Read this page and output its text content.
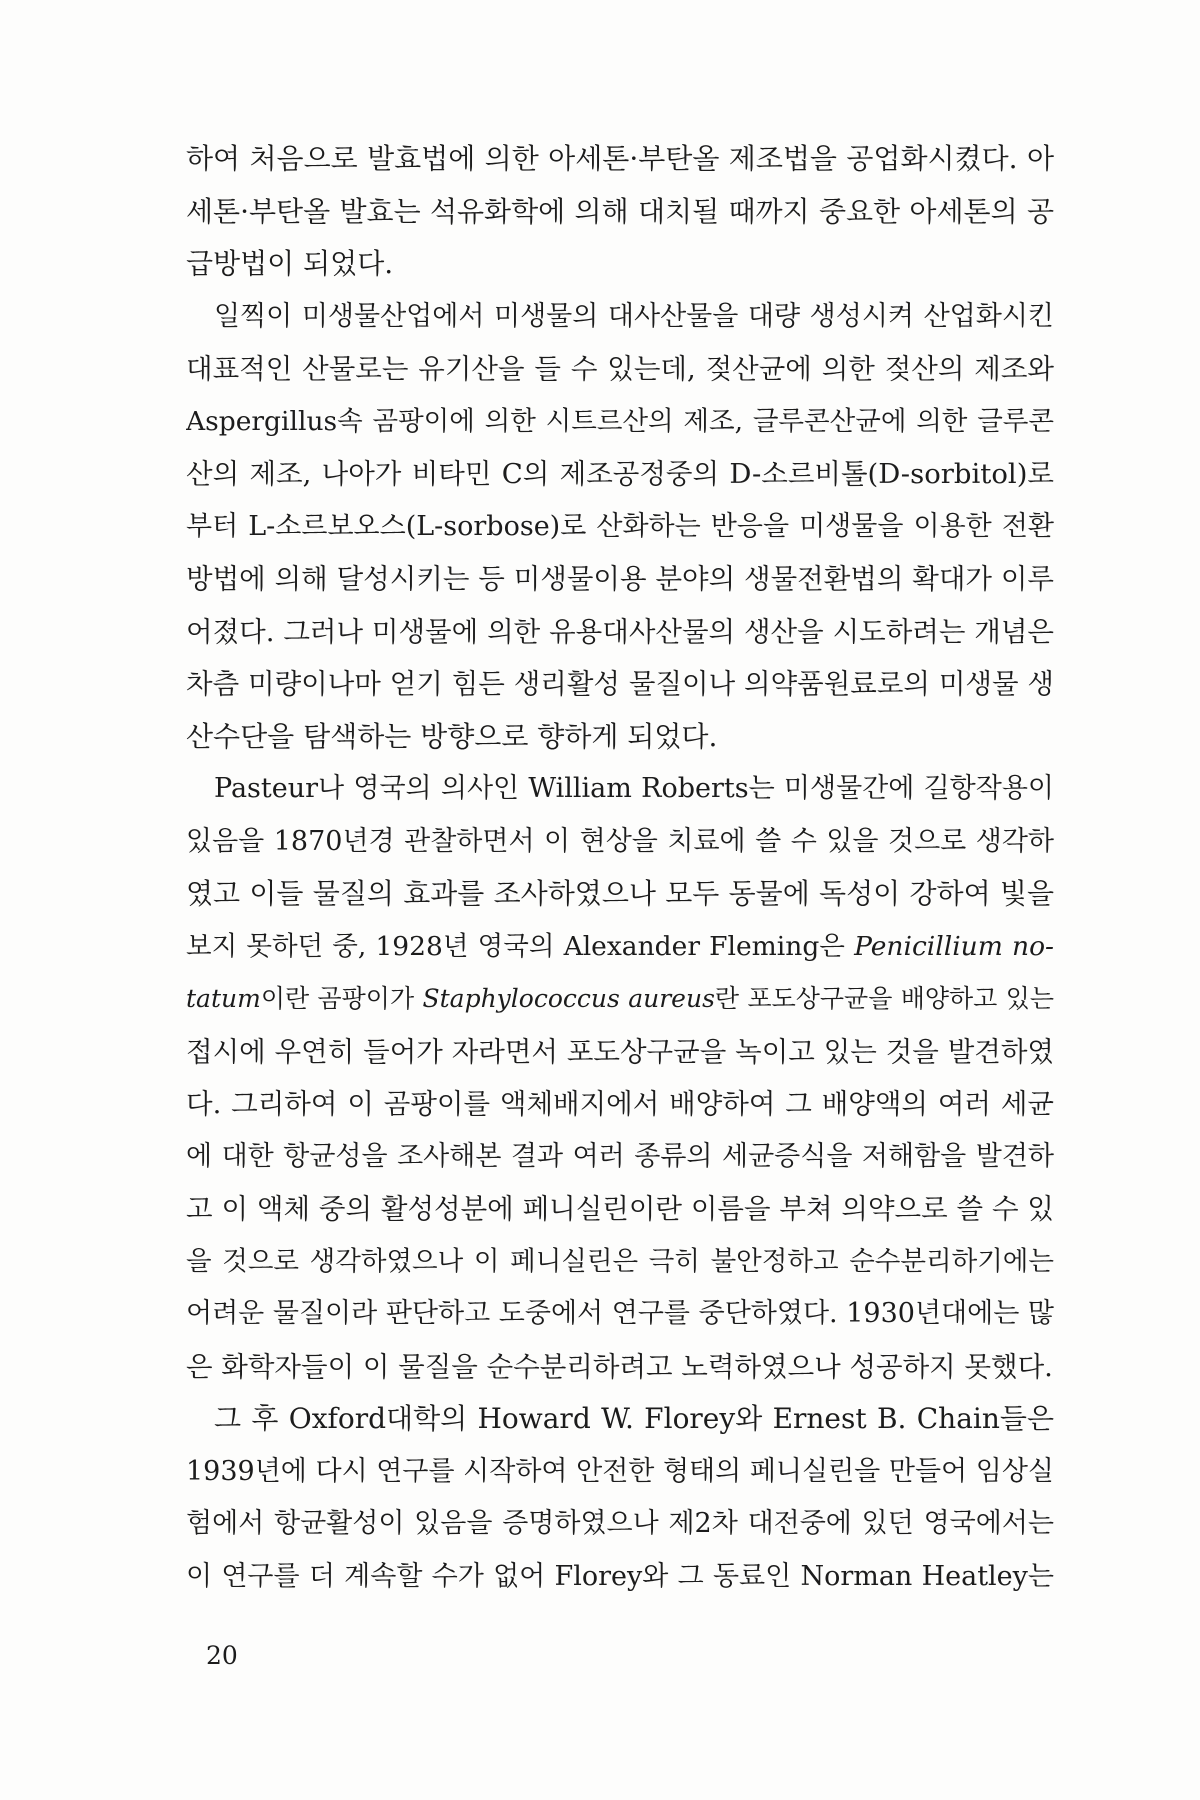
하여 처음으로 발효법에 의한 아세톤·부탄올 제조법을 공업화시켰다. 아
세톤·부탄올 발효는 석유화학에 의해 대치될 때까지 중요한 아세톤의 공
급방법이 되었다.
일찍이 미생물산업에서 미생물의 대사산물을 대량 생성시켜 산업화시킨
대표적인 산물로는 유기산을 들 수 있는데, 젖산균에 의한 젖산의 제조와
Aspergillus속 곰팡이에 의한 시트르산의 제조, 글루콘산균에 의한 글루콘
산의 제조, 나아가 비타민 C의 제조공정중의 D-소르비톨(D-sorbitol)로
부터 L-소르보오스(L-sorbose)로 산화하는 반응을 미생물을 이용한 전환
방법에 의해 달성시키는 등 미생물이용 분야의 생물전환법의 확대가 이루
어졌다. 그러나 미생물에 의한 유용대사산물의 생산을 시도하려는 개념은
차츰 미량이나마 얻기 힘든 생리활성 물질이나 의약품원료로의 미생물 생
산수단을 탐색하는 방향으로 향하게 되었다.
Pasteur나 영국의 의사인 William Roberts는 미생물간에 길항작용이
있음을 1870년경 관찰하면서 이 현상을 치료에 쓸 수 있을 것으로 생각하
였고 이들 물질의 효과를 조사하였으나 모두 동물에 독성이 강하여 빛을
보지 못하던 중, 1928년 영국의 Alexander Fleming은 Penicillium no-
tatum이란 곰팡이가 Staphylococcus aureus란 포도상구균을 배양하고 있는
접시에 우연히 들어가 자라면서 포도상구균을 녹이고 있는 것을 발견하였
다. 그리하여 이 곰팡이를 액체배지에서 배양하여 그 배양액의 여러 세균
에 대한 항균성을 조사해본 결과 여러 종류의 세균증식을 저해함을 발견하
고 이 액체 중의 활성성분에 페니실린이란 이름을 부쳐 의약으로 쓸 수 있
을 것으로 생각하였으나 이 페니실린은 극히 불안정하고 순수분리하기에는
어려운 물질이라 판단하고 도중에서 연구를 중단하였다. 1930년대에는 많
은 화학자들이 이 물질을 순수분리하려고 노력하였으나 성공하지 못했다.
그 후 Oxford대학의 Howard W. Florey와 Ernest B. Chain들은
1939년에 다시 연구를 시작하여 안전한 형태의 페니실린을 만들어 임상실
험에서 항균활성이 있음을 증명하였으나 제2차 대전중에 있던 영국에서는
이 연구를 더 계속할 수가 없어 Florey와 그 동료인 Norman Heatley는
20
